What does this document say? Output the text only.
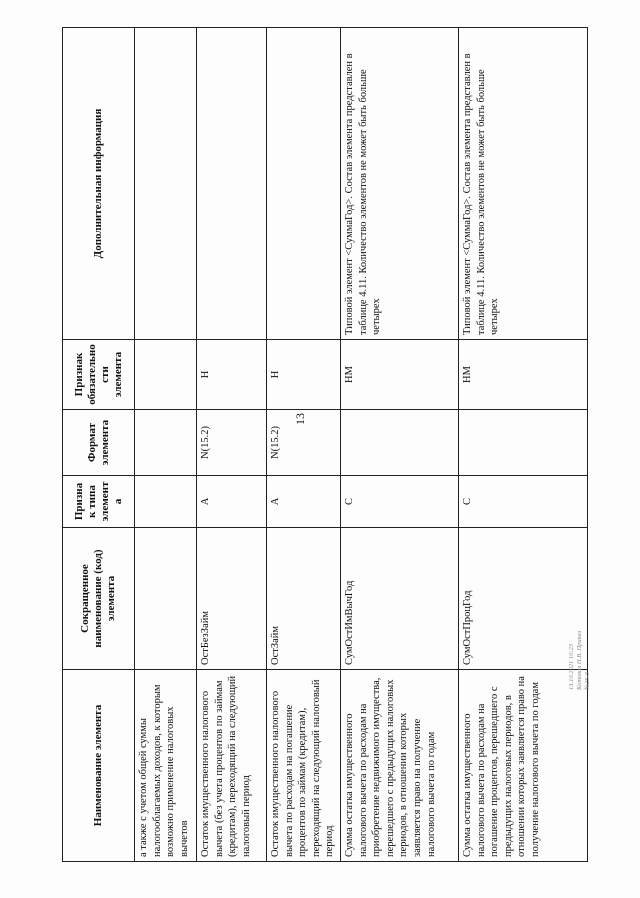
13
Наименование элемента	Сокращенное наименование (код) элемента	Признак типа элемента	Формат элемента	Признак обязательности элемента	Дополнительная информация
а также с учетом общей суммы налогооблагаемых доходов, к которым возможно применение налоговых вычетов					
Остаток имущественного налогового вычета (без учета процентов по займам (кредитам), переходящий на следующий налоговый период	ОстБезЗайм	А	N(15.2)	Н	
Остаток имущественного налогового вычета по расходам на погашение процентов по займам (кредитам), переходящий на следующий налоговый период	ОстЗайм	А	N(15.2)	Н	
Сумма остатка имущественного налогового вычета по расходам на приобретение недвижимого имущества, перешедшего с предыдущих налоговых периодов, в отношении которых заявляется право на получение налогового вычета по годам	СумОстИмВычГод	С		НМ	Типовой элемент <СуммаГод>. Состав элемента представлен в таблице 4.11. Количество элементов не может быть больше четырех
Сумма остатка имущественного налогового вычета по расходам на погашение процентов, перешедшего с предыдущих налоговых периодов, в отношении которых заявляется право на получение налогового вычета по годам	СумОстПроцГод	С		НМ	Типовой элемент <СуммаГод>. Состав элемента представлен в таблице 4.11. Количество элементов не может быть больше четырех
13.10.2021 10:23 Котовая Н.В. Приказ №25-3
